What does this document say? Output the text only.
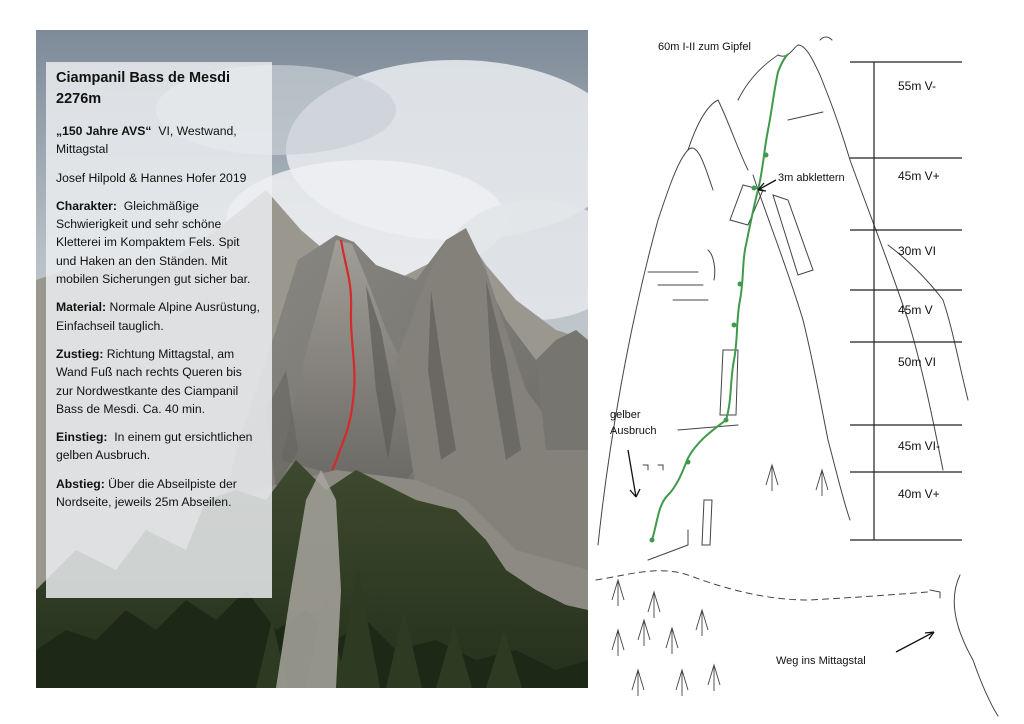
Ciampanil Bass de Mesdi
2276m

„150 Jahre AVS“ VI, Westwand, Mittagstal

Josef Hilpold & Hannes Hofer 2019

Charakter: Gleichmäßige Schwierigkeit und sehr schöne Kletterei im Kompaktem Fels. Spit und Haken an den Ständen. Mit mobilen Sicherungen gut sicher bar.

Material: Normale Alpine Ausrüstung, Einfachseil tauglich.

Zustieg: Richtung Mittagstal, am Wand Fuß nach rechts Queren bis zur Nordwestkante des Ciampanil Bass de Mesdi. Ca. 40 min.

Einstieg: In einem gut ersichtlichen gelben Ausbruch.

Abstieg: Über die Abseilpiste der Nordseite, jeweils 25m Abseilen.

55m V-
45m V+
30m VI
45m V
50m VI
45m VI-
40m V+
60m I-II zum Gipfel
3m abklettern
gelber
Ausbruch
Weg ins Mittagstal
